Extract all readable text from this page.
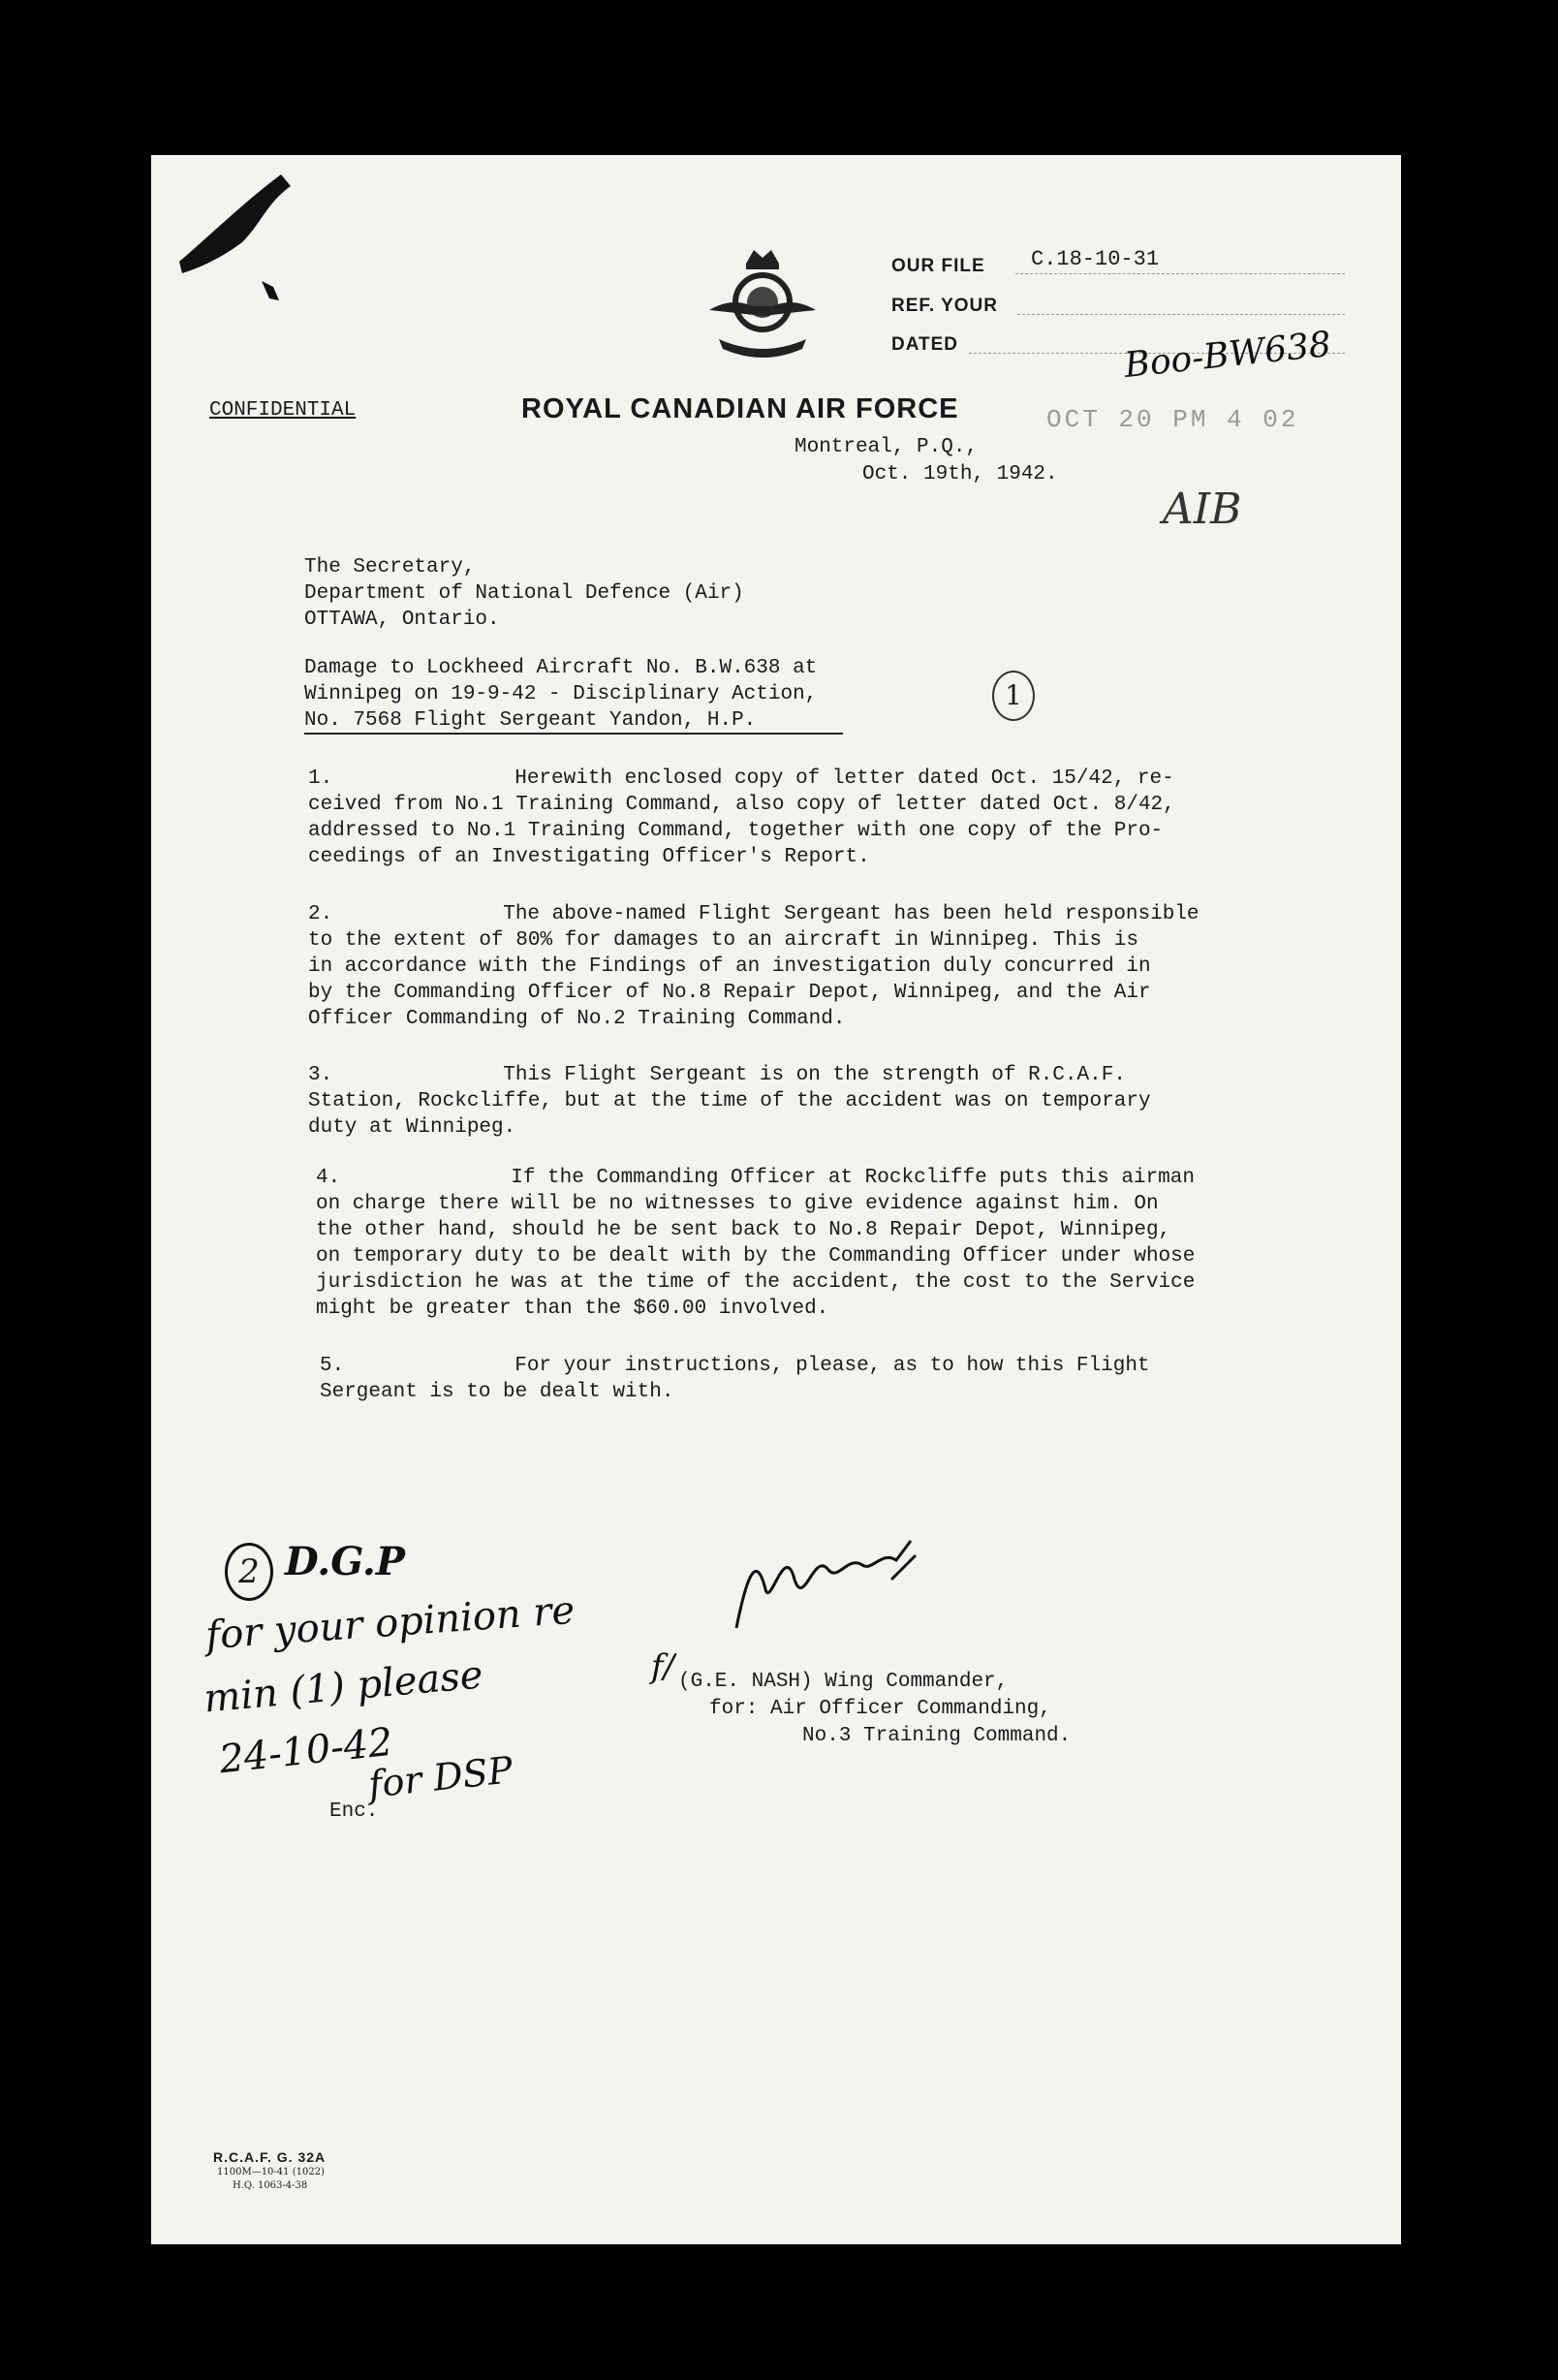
OUR FILE C.18-10-31
REF. YOUR
DATED	Boo-BW638
OCT 20 PM 4 02
AIB
CONFIDENTIAL	ROYAL CANADIAN AIR FORCE
Montreal, P.Q.,
Oct. 19th, 1942.
The Secretary,
Department of National Defence (Air)
OTTAWA, Ontario.
Damage to Lockheed Aircraft No. B.W.638 at
Winnipeg on 19-9-42 - Disciplinary Action,
No. 7568 Flight Sergeant Yandon, H.P.
1

1.	Herewith enclosed copy of letter dated Oct. 15/42, re-

ceived from No.1 Training Command, also copy of letter dated Oct. 8/42,

addressed to No.1 Training Command, together with one copy of the Pro-

ceedings of an Investigating Officer's Report.

2.	The above-named Flight Sergeant has been held responsible

to the extent of 80% for damages to an aircraft in Winnipeg. This is

in accordance with the Findings of an investigation duly concurred in

by the Commanding Officer of No.8 Repair Depot, Winnipeg, and the Air

Officer Commanding of No.2 Training Command.

3.	This Flight Sergeant is on the strength of R.C.A.F.

Station, Rockcliffe, but at the time of the accident was on temporary

duty at Winnipeg.

4.	If the Commanding Officer at Rockcliffe puts this airman

on charge there will be no witnesses to give evidence against him. On

the other hand, should he be sent back to No.8 Repair Depot, Winnipeg,

on temporary duty to be dealt with by the Commanding Officer under whose

jurisdiction he was at the time of the accident, the cost to the Service

might be greater than the $60.00 involved.

5.	For your instructions, please, as to how this Flight

Sergeant is to be dealt with.

2 D.G.P
for your opinion re
min (1) please
24-10-42
for DSP
f/ (G.E. NASH) Wing Commander,
for: Air Officer Commanding,
No.3 Training Command.
Enc.
R.C.A.F. G. 32A
1100M—10-41 (1022)
H.Q. 1063-4-38
